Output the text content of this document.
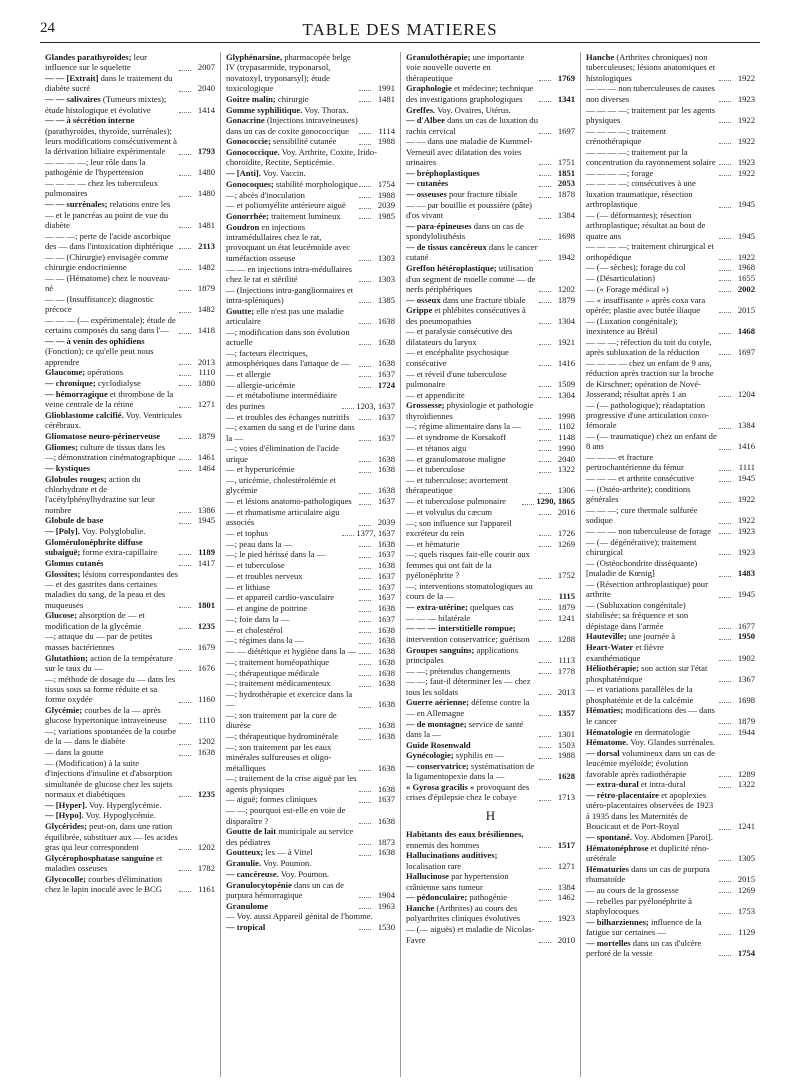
24	TABLE DES MATIERES
Glandes parathyroïdes; leur influence sur le squelette	2007
— — [Extrait] dans le traitement du diabète sucré	2040
— — salivaires (Tumeurs mixtes); étude histologique et évolutive	1414
— — à sécrétion interne (parathyroïdes, thyroïde, surrénales); leurs modifications consécutivement à la dérivation biliaire expérimentale	1793
— — — —; leur rôle dans la pathogénie de l'hypertension	1480
— — — — chez les tuberculeux pulmonaires	1480
— — surrénales; relations entre les — et le pancréas au point de vue du diabète	1481
— — —; perte de l'acide ascorbique des — dans l'intoxication diphtérique	2113
— — (Chirurgie) envisagée comme chirurgie endocrinienne	1482
— — (Hématome) chez le nouveau-né	1879
— — (Insuffisance); diagnostic précoce	1482
— — — (— expérimentale); étude de certains composés du sang dans l'—	1418
— — à venin des ophidiens (Fonction); ce qu'elle peut nous apprendre	2013
Glaucome; opérations	1110
— chronique; cyclodialyse	1880
— hémorragique et thrombose de la veine centrale de la rétine	1271
Glioblastome calcifié. Voy. Ventricules cérébraux.
Gliomatose neuro-périnerveuse	1879
Gliomes; culture de tissus dans les —; démonstration cinématographique	1461
— kystiques	1464
Globules rouges; action du chlorhydrate et de l'acétylphénylhydrazine sur leur nombre	1386
Globule de base	1945
— [Poly]. Voy. Polyglobulie.
Glomérulonéphrite diffuse subaiguë; forme extra-capillaire	1189
Glomus cutanés	1417
Glossites; lésions correspondantes des — et des gastrites dans certaines maladies du sang, de la peau et des muqueuses	1801
Glucose; absorption de — et modification de la glycémie	1235
—; attaque du — par de petites masses bactériennes	1679
Glutathion; action de la température sur le taux du —	1676
—; méthode de dosage du — dans les tissus sous sa forme réduite et sa forme oxydée	1160
Glycémie; courbes de la — après glucose hypertonique intraveineuse	1110
—; variations spontanées de la courbe de la — dans le diabète	1202
— dans la goutte	1638
— (Modification) à la suite d'injections d'insuline et d'absorption simultanée de glucose chez les sujets normaux et diabétiques	1235
— [Hyper]. Voy. Hyperglycémie.
— [Hypo]. Voy. Hypoglycémie.
Glycérides; peut-on, dans une ration équilibrée, substituer aux — les acides gras qui leur correspondent	1202
Glycérophosphatase sanguine et maladies osseuses	1782
Glycocolle; courbes d'élimination chez le lapin inoculé avec le BCG	1161
Glyphénarsine, pharmacopée belge IV (trypasarmide, tryponarsol, novatoxyl, tryponarsyl); étude toxicologique	1991
Goitre malin; chirurgie	1481
Gomme syphilitique. Voy. Thorax.
Gonacrine (Injections intraveineuses) dans un cas de coxite gonococcique	1114
Gonococcie; sensibilité cutanée	1988
Gonococcique. Voy. Arthrite, Coxite, Irido-choroïdite, Rectite, Septicémie.
— [Anti]. Voy. Vaccin.
Gonocoques; stabilité morphologique	1754
—; abcès d'inoculation	1988
— et poliomyélite antérieure aiguë	2039
Gonorrhée; traitement lumineux	1985
Goudron en injections intramédullaires chez le rat, provoquant un état leucémoïde avec tuméfaction osseuse	1303
— — en injections intra-médullaires chez le rat et stérilité	1303
— (Injections intra-ganglionnaires et intra-spléniques)	1385
Goutte; elle n'est pas une maladie articulaire	1638
—; modification dans son évolution actuelle	1638
—; facteurs électriques, atmosphériques dans l'attaque de —	1638
— et allergie	1637
— allergie-uricémie	1724
— et métabolisme intermédiaire des purines	1203, 1637
— et troubles des échanges nutritifs	1637
—; examen du sang et de l'urine dans la —	1637
—; voies d'élimination de l'acide urique	1638
— et hyperuricémie	1638
—, uricémie, cholestérolémie et glycémie	1638
— et lésions anatomo-pathologiques	1637
— et rhumatisme articulaire aigu associés	2039
— et tophus	1377, 1637
—; peau dans la —	1638
—; le pied hérissé dans la —	1637
— et tuberculose	1638
— et troubles nerveux	1637
— et lithiase	1637
— et appareil cardio-vasculaire	1637
— et angine de poitrine	1638
—; foie dans la —	1637
— et cholestérol	1638
—; régimes dans la —	1638
— — diététique et hygiène dans la —	1638
—; traitement homéopathique	1638
—; thérapeutique médicale	1638
—; traitement médicamenteux	1638
—; hydrothérapie et exercice dans la —	1638
—; son traitement par la cure de diurèse	1638
—; thérapeutique hydrominérale	1638
—; son traitement par les eaux minérales sulfureuses et oligo-métalliques	1638
—; traitement de la crise aiguë par les agents physiques	1638
— aiguë; formes cliniques	1637
— —; pourquoi est-elle en voie de disparaître ?	1638
Goutte de lait municipale au service des pédiatres	1873
Goutteux; les — à Vittel	1638
Granulie. Voy. Poumon.
— cancéreuse. Voy. Poumon.
Granulocytopénie dans un cas de purpura hémorragique	1904
Granulome	1963
— Voy. aussi Appareil génital de l'homme.
— tropical	1530
Granulothérapie; une importante voie nouvelle ouverte en thérapeutique	1769
Graphologie et médecine; technique des investigations graphologiques	1341
Greffes. Voy. Ovaires, Utérus.
— d'Albee dans un cas de luxation du rachis cervical	1697
— — dans une maladie de Kummel-Verneuil avec dilatation des voies urinaires	1751
— bréphoplastiques	1851
— cutanées	2053
— osseuses pour fracture tibiale	1878
— — par bouillie et poussière (pâte) d'os vivant	1384
— para-épineuses dans un cas de spondylolisthésis	1698
— de tissus cancéreux dans le cancer cutané	1942
Greffon hétéroplastique; utilisation d'un segment de moelle comme — de nerfs périphériques	1202
— osseux dans une fracture tibiale	1879
Grippe et phlébites consécutives à des pneumopathies	1304
— et paralysie consécutive des dilatateurs du larynx	1921
— et encéphalite psychosique consécutive	1416
— et réveil d'une tuberculose pulmonaire	1509
— et appendicite	1304
Grossesse; physiologie et pathologie thyroïdiennes	1998
—; régime alimentaire dans la —	1102
— et syndrome de Korsakoff	1148
— et tétanos aigu	1990
— et granulomatose maligne	2040
— et tuberculose	1322
— et tuberculose; avortement thérapeutique	1306
— et tuberculose pulmonaire	1290, 1865
— et volvulus du cæcum	2016
—; son influence sur l'appareil excréteur du rein	1726
— et hématurie	1269
—; quels risques fait-elle courir aux femmes qui ont fait de la pyélonéphrite ?	1752
—; interventions stomatologiques au cours de la —	1115
— extra-utérine; quelques cas	1879
— — — bilatérale	1241
— — — interstitielle rompue; intervention conservatrice; guérison	1288
Groupes sanguins; applications principales	1113
— —; prétendus changements	1778
— —; faut-il déterminer les — chez tous les soldats	2013
Guerre aérienne; défense contre la — en Allemagne	1357
— de montagne; service de santé dans la —	1301
Guide Rosenwald	1503
Gynécologie; syphilis en —	1988
— conservatrice; systématisation de la ligamentopexie dans la —	1628
« Gyrosa gracilis » provoquant des crises d'épilepsie chez le cobaye	1713
H
Habitants des eaux brésiliennes, ennemis des hommes	1517
Hallucinations auditives; localisation rare	1271
Hallucinose par hypertension crânienne sans tumeur	1384
— pédonculaire; pathogénie	1462
Hanche (Arthrites) au cours des polyarthrites cliniques évolutives	1923
— (— aiguës) et maladie de Nicolas-Favre	2010
Hanche (Arthrites chroniques) non tuberculeuses; lésions anatomiques et histologiques	1922
— — — non tuberculeuses de causes non diverses	1923
— — — —; traitement par les agents physiques	1922
— — — —; traitement crénothérapique	1922
— — — —; traitement par la concentration du rayonnement solaire	1923
— — — —; forage	1922
— — — —; consécutives à une luxation traumatique, résection arthroplastique	1945
— (— déformantes); résection arthroplastique; résultat au bout de quatre ans	1945
— — — —; traitement chirurgical et orthopédique	1922
— (— sèches); forage du col	1968
— (Désarticulation)	1655
— (« Forage médical »)	2002
— « insuffisante » après coxa vara opérée; plastie avec butée iliaque	2015
— (Luxation congénitale); inexistence au Brésil	1468
— — —; réfection du toit du cotyle, après subluxation de la réduction	1697
— — — — chez un enfant de 9 ans, réduction après traction sur la broche de Kirschner; opération de Nové-Josserand; résultat après 1 an	1204
— (— pathologique); réadaptation progressive d'une articulation coxo-fémorale	1384
— (— traumatique) chez un enfant de 8 ans	1416
— — — et fracture pertrochantérienne du fémur	1111
— — — et arthrite consécutive	1945
— (Ostéo-arthrite); conditions générales	1922
— — —; cure thermale sulfurée sodique	1922
— — — non tuberculeuse de forage	1923
— (— dégénérative); traitement chirurgical	1923
— (Ostéochondrite disséquante) [maladie de Kœnig]	1483
— (Résection arthroplastique) pour arthrite	1945
— (Subluxation congénitale) stabilisée; sa fréquence et son dépistage dans l'armée	1677
Hauteville; une journée à	1950
Heart-Water et fièvre exanthématique	1902
Héliothérapie; son action sur l'état phosphatémique	1367
— et variations parallèles de la phosphatémie et de la calcémie	1698
Hématies; modifications des — dans le cancer	1879
Hématologie en dermatologie	1944
Hématome. Voy. Glandes surrénales.
— dorsal volumineux dans un cas de leucémie myéloïde; évolution favorable après radiothérapie	1289
— extra-dural et intra-dural	1322
— rétro-placentaire et apoplexies utéro-placentaires observées de 1923 à 1935 dans les Maternités de Boucicaut et de Port-Royal	1241
— spontané. Voy. Abdomen [Paroi].
Hématonéphrose et duplicité réno-urétérale	1305
Hématuries dans un cas de purpura rhumatoïde	2015
— au cours de la grossesse	1269
— rebelles par pyélonéphrite à staphylocoques	1753
— bilharziennes; influence de la fatigue sur certaines —	1129
— mortelles dans un cas d'ulcère perforé de la vessie	1754
